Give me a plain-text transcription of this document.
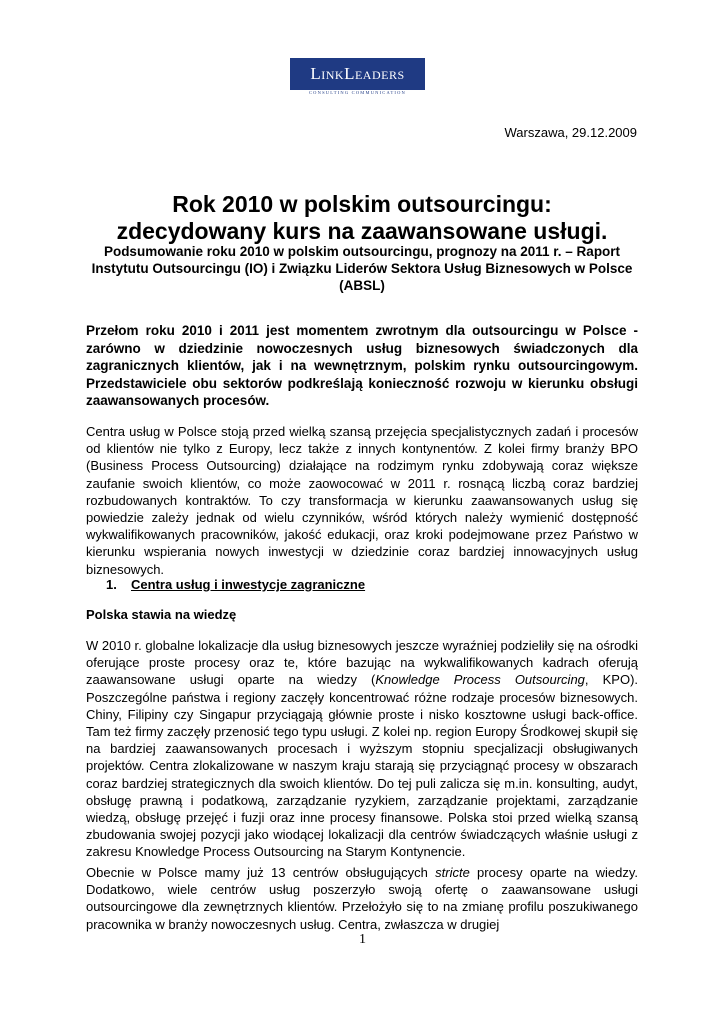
LinkLeaders
CONSULTING COMMUNICATION
Warszawa, 29.12.2009
Rok 2010 w polskim outsourcingu:
zdecydowany kurs na zaawansowane usługi.
Podsumowanie roku 2010 w polskim outsourcingu, prognozy na 2011 r. – Raport Instytutu Outsourcingu (IO) i Związku Liderów Sektora Usług Biznesowych w Polsce (ABSL)
Przełom roku 2010 i 2011 jest momentem zwrotnym dla outsourcingu w Polsce - zarówno w dziedzinie nowoczesnych usług biznesowych świadczonych dla zagranicznych klientów, jak i na wewnętrznym, polskim rynku outsourcingowym. Przedstawiciele obu sektorów podkreślają konieczność rozwoju w kierunku obsługi zaawansowanych procesów.
Centra usług w Polsce stoją przed wielką szansą przejęcia specjalistycznych zadań i procesów od klientów nie tylko z Europy, lecz także z innych kontynentów. Z kolei firmy branży BPO (Business Process Outsourcing) działające na rodzimym rynku zdobywają coraz większe zaufanie swoich klientów, co może zaowocować w 2011 r. rosnącą liczbą coraz bardziej rozbudowanych kontraktów. To czy transformacja w kierunku zaawansowanych usług się powiedzie zależy jednak od wielu czynników, wśród których należy wymienić dostępność wykwalifikowanych pracowników, jakość edukacji, oraz kroki podejmowane przez Państwo w kierunku wspierania nowych inwestycji w dziedzinie coraz bardziej innowacyjnych usług biznesowych.
1. Centra usług i inwestycje zagraniczne
Polska stawia na wiedzę
W 2010 r. globalne lokalizacje dla usług biznesowych jeszcze wyraźniej podzieliły się na ośrodki oferujące proste procesy oraz te, które bazując na wykwalifikowanych kadrach oferują zaawansowane usługi oparte na wiedzy (Knowledge Process Outsourcing, KPO). Poszczególne państwa i regiony zaczęły koncentrować różne rodzaje procesów biznesowych. Chiny, Filipiny czy Singapur przyciągają głównie proste i nisko kosztowne usługi back-office. Tam też firmy zaczęły przenosić tego typu usługi. Z kolei np. region Europy Środkowej skupił się na bardziej zaawansowanych procesach i wyższym stopniu specjalizacji obsługiwanych projektów. Centra zlokalizowane w naszym kraju starają się przyciągnąć procesy w obszarach coraz bardziej strategicznych dla swoich klientów. Do tej puli zalicza się m.in. konsulting, audyt, obsługę prawną i podatkową, zarządzanie ryzykiem, zarządzanie projektami, zarządzanie wiedzą, obsługę przejęć i fuzji oraz inne procesy finansowe. Polska stoi przed wielką szansą zbudowania swojej pozycji jako wiodącej lokalizacji dla centrów świadczących właśnie usługi z zakresu Knowledge Process Outsourcing na Starym Kontynencie.
Obecnie w Polsce mamy już 13 centrów obsługujących stricte procesy oparte na wiedzy. Dodatkowo, wiele centrów usług poszerzyło swoją ofertę o zaawansowane usługi outsourcingowe dla zewnętrznych klientów. Przełożyło się to na zmianę profilu poszukiwanego pracownika w branży nowoczesnych usług. Centra, zwłaszcza w drugiej
1
